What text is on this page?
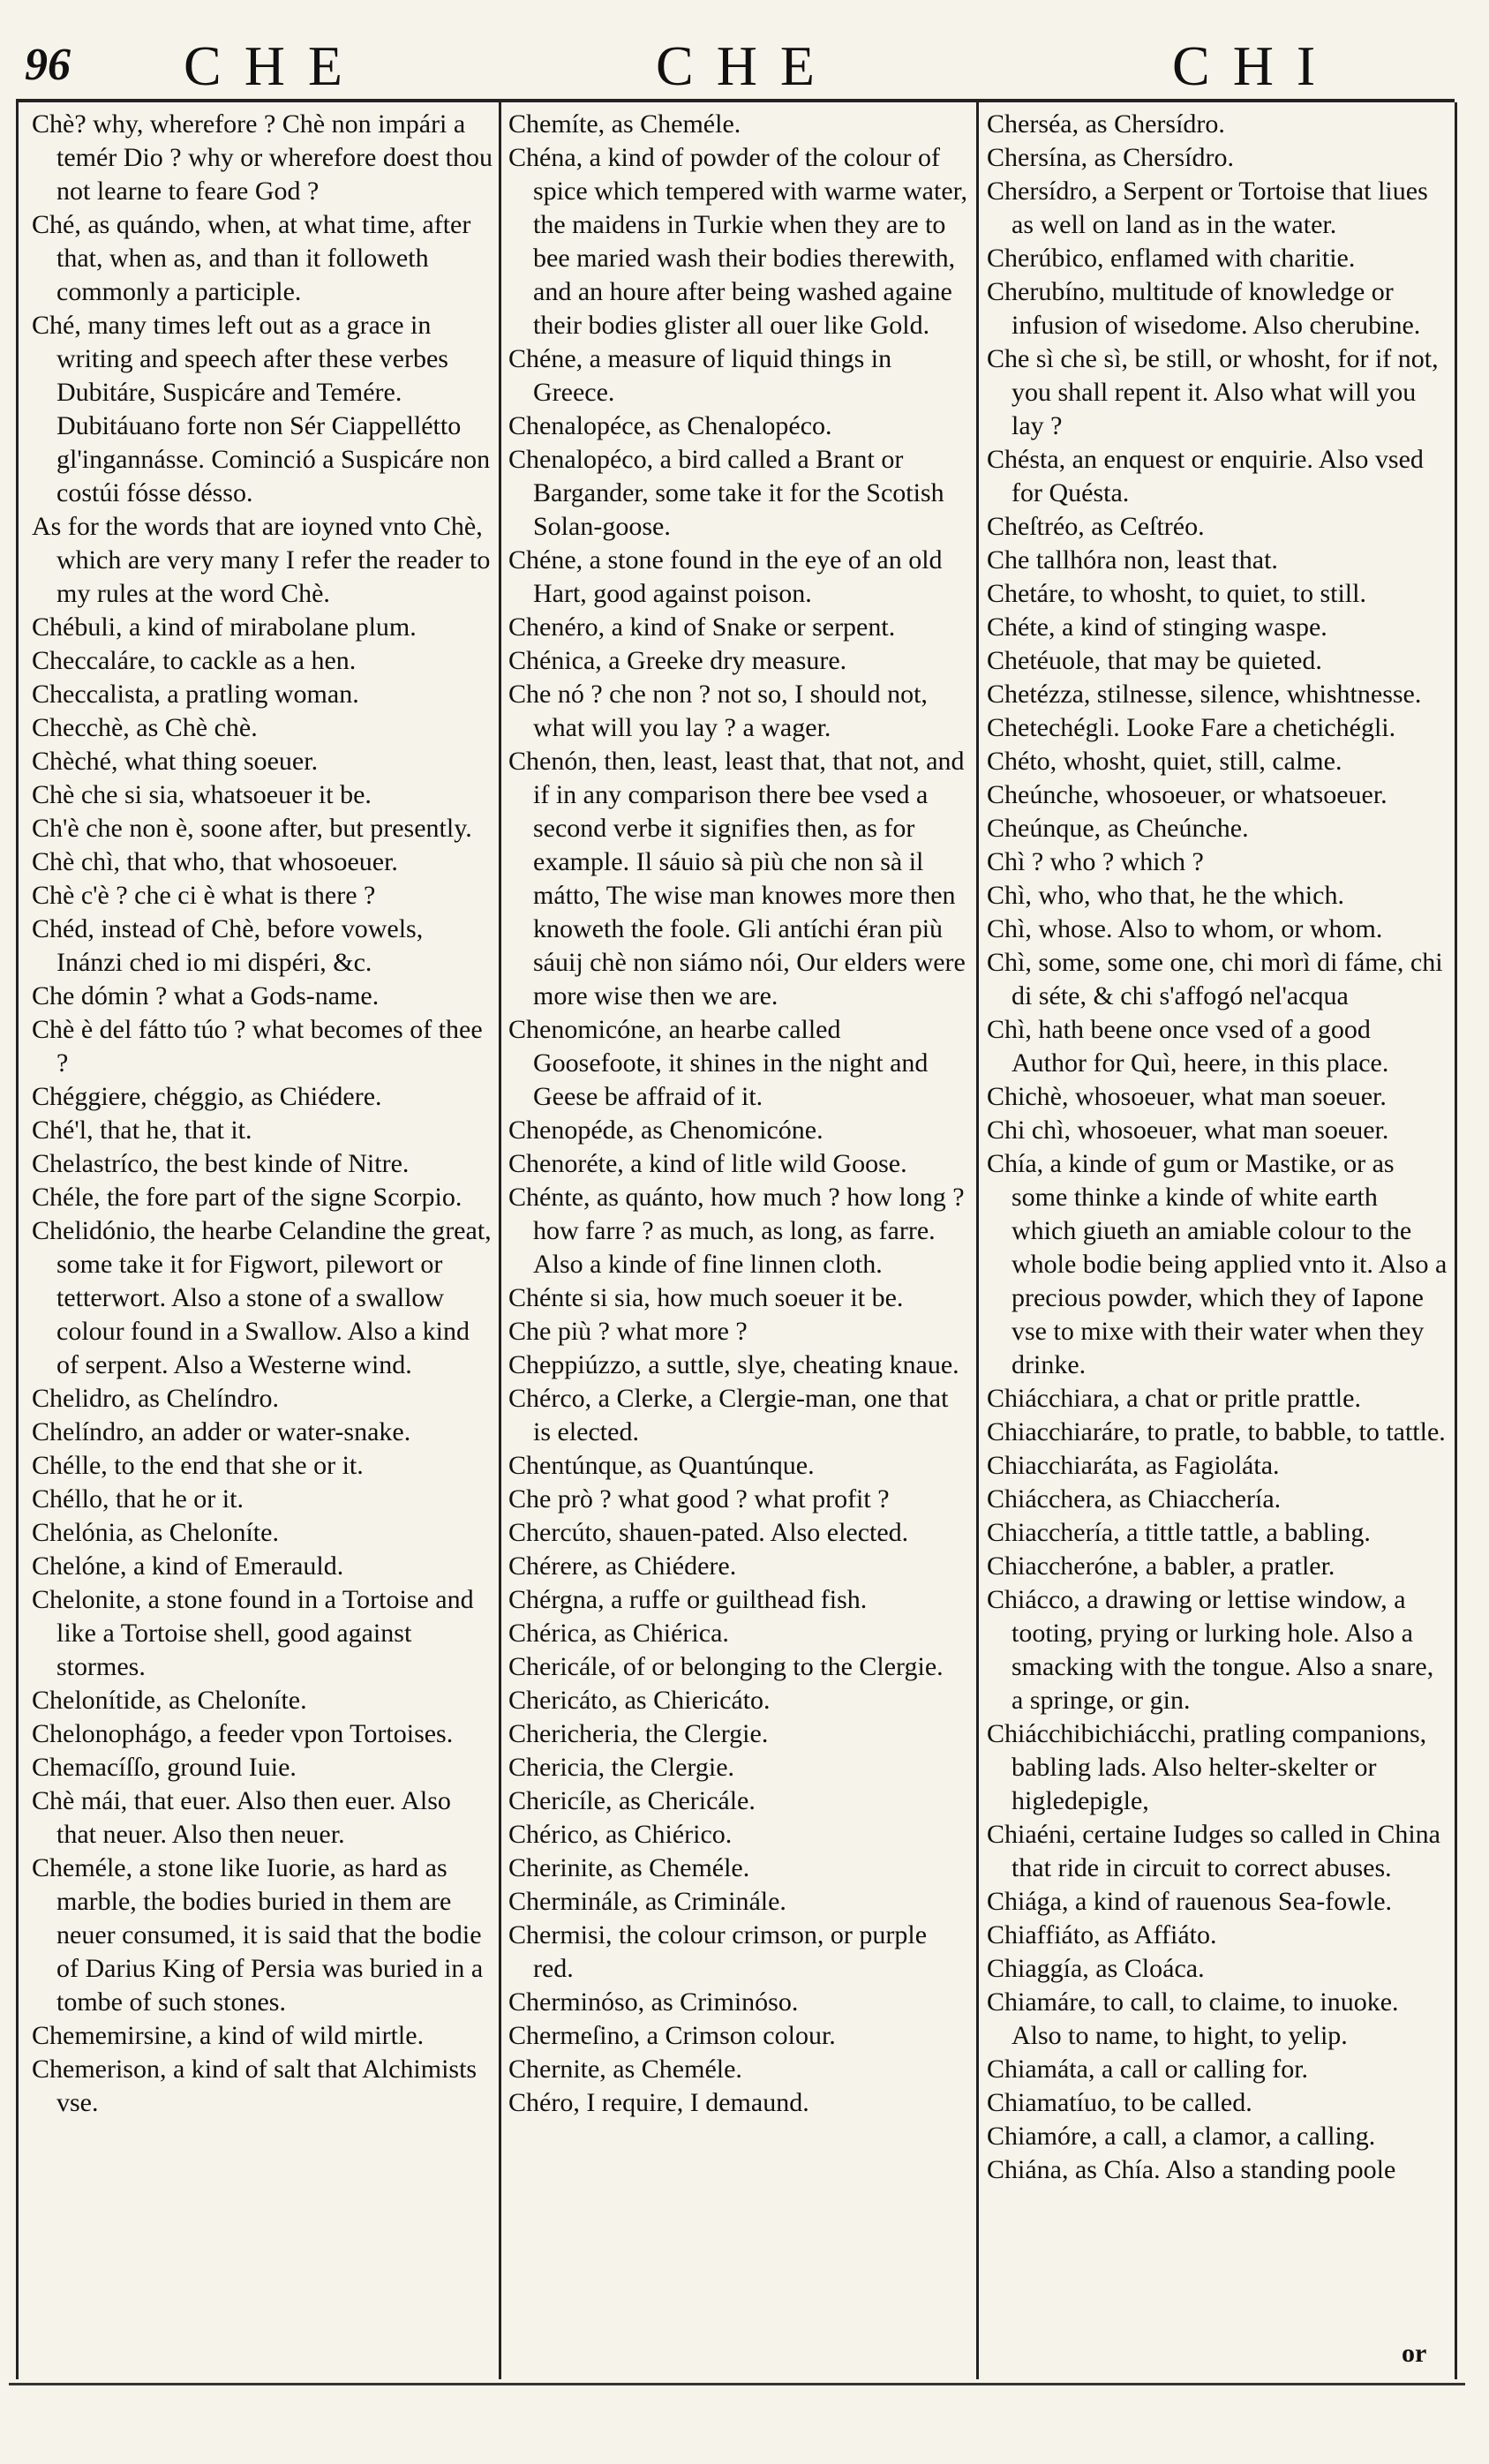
96 CHE	CHE	CHI

Chè? why, wherefore ? Chè non impári a temér Dio ? why or wherefore doest thou not learne to feare God ?

Ché, as quándo, when, at what time, after that, when as, and than it followeth commonly a participle.

Ché, many times left out as a grace in writing and speech after these verbes Dubitáre, Suspicáre and Temére. Dubitáuano forte non Sér Ciappellétto gl'ingannásse. Cominció a Suspicáre non costúi fósse désso.

As for the words that are ioyned vnto Chè, which are very many I refer the reader to my rules at the word Chè.

Chébuli, a kind of mirabolane plum.

Checcaláre, to cackle as a hen.

Checcalista, a pratling woman.

Checchè, as Chè chè.

Chèché, what thing soeuer.

Chè che si sia, whatsoeuer it be.

Ch'è che non è, soone after, but presently.

Chè chì, that who, that whosoeuer.

Chè c'è ? che ci è what is there ?

Chéd, instead of Chè, before vowels, Inánzi ched io mi dispéri, &c.

Che dómin ? what a Gods-name.

Chè è del fátto túo ? what becomes of thee ?

Chéggiere, chéggio, as Chiédere.

Ché'l, that he, that it.

Chelastríco, the best kinde of Nitre.

Chéle, the fore part of the signe Scorpio.

Chelidónio, the hearbe Celandine the great, some take it for Figwort, pilewort or tetterwort. Also a stone of a swallow colour found in a Swallow. Also a kind of serpent. Also a Westerne wind.

Chelidro, as Chelíndro.

Chelíndro, an adder or water-snake.

Chélle, to the end that she or it.

Chéllo, that he or it.

Chelónia, as Cheloníte.

Chelóne, a kind of Emerauld.

Chelonite, a stone found in a Tortoise and like a Tortoise shell, good against stormes.

Chelonítide, as Cheloníte.

Chelonophágo, a feeder vpon Tortoises.

Chemacíſſo, ground Iuie.

Chè mái, that euer. Also then euer. Also that neuer. Also then neuer.

Cheméle, a stone like Iuorie, as hard as marble, the bodies buried in them are neuer consumed, it is said that the bodie of Darius King of Persia was buried in a tombe of such stones.

Chememirsine, a kind of wild mirtle.

Chemerison, a kind of salt that Alchimists vse.

Chemíte, as Cheméle.

Chéna, a kind of powder of the colour of spice which tempered with warme water, the maidens in Turkie when they are to bee maried wash their bodies therewith, and an houre after being washed againe their bodies glister all ouer like Gold.

Chéne, a measure of liquid things in Greece.

Chenalopéce, as Chenalopéco.

Chenalopéco, a bird called a Brant or Bargander, some take it for the Scotish Solan-goose.

Chéne, a stone found in the eye of an old Hart, good against poison.

Chenéro, a kind of Snake or serpent.

Chénica, a Greeke dry measure.

Che nó ? che non ? not so, I should not, what will you lay ? a wager.

Chenón, then, least, least that, that not, and if in any comparison there bee vsed a second verbe it signifies then, as for example. Il sáuio sà più che non sà il mátto, The wise man knowes more then knoweth the foole. Gli antíchi éran più sáuij chè non siámo nói, Our elders were more wise then we are.

Chenomicóne, an hearbe called Goosefoote, it shines in the night and Geese be affraid of it.

Chenopéde, as Chenomicóne.

Chenoréte, a kind of litle wild Goose.

Chénte, as quánto, how much ? how long ? how farre ? as much, as long, as farre. Also a kinde of fine linnen cloth.

Chénte si sia, how much soeuer it be.

Che più ? what more ?

Cheppiúzzo, a suttle, slye, cheating knaue.

Chérco, a Clerke, a Clergie-man, one that is elected.

Chentúnque, as Quantúnque.

Che prò ? what good ? what profit ?

Chercúto, shauen-pated. Also elected.

Chérere, as Chiédere.

Chérgna, a ruffe or guilthead fish.

Chérica, as Chiérica.

Chericále, of or belonging to the Clergie.

Chericáto, as Chiericáto.

Chericheria, the Clergie.

Chericia, the Clergie.

Chericíle, as Chericále.

Chérico, as Chiérico.

Cherinite, as Cheméle.

Cherminále, as Criminále.

Chermisi, the colour crimson, or purple red.

Cherminóso, as Criminóso.

Chermeſino, a Crimson colour.

Chernite, as Cheméle.

Chéro, I require, I demaund.

Cherséa, as Chersídro.

Chersína, as Chersídro.

Chersídro, a Serpent or Tortoise that liues as well on land as in the water.

Cherúbico, enflamed with charitie.

Cherubíno, multitude of knowledge or infusion of wisedome. Also cherubine.

Che sì che sì, be still, or whosht, for if not, you shall repent it. Also what will you lay ?

Chésta, an enquest or enquirie. Also vsed for Quésta.

Cheſtréo, as Ceſtréo.

Che tallhóra non, least that.

Chetáre, to whosht, to quiet, to still.

Chéte, a kind of stinging waspe.

Chetéuole, that may be quieted.

Chetézza, stilnesse, silence, whishtnesse.

Chetechégli. Looke Fare a chetichégli.

Chéto, whosht, quiet, still, calme.

Cheúnche, whosoeuer, or whatsoeuer.

Cheúnque, as Cheúnche.

Chì ? who ? which ?

Chì, who, who that, he the which.

Chì, whose. Also to whom, or whom.

Chì, some, some one, chi morì di fáme, chi di séte, & chi s'affogó nel'acqua

Chì, hath beene once vsed of a good Author for Quì, heere, in this place.

Chichè, whosoeuer, what man soeuer.

Chi chì, whosoeuer, what man soeuer.

Chía, a kinde of gum or Mastike, or as some thinke a kinde of white earth which giueth an amiable colour to the whole bodie being applied vnto it. Also a precious powder, which they of Iapone vse to mixe with their water when they drinke.

Chiácchiara, a chat or pritle prattle.

Chiacchiaráre, to pratle, to babble, to tattle.

Chiacchiaráta, as Fagioláta.

Chiácchera, as Chiacchería.

Chiacchería, a tittle tattle, a babling.

Chiaccheróne, a babler, a pratler.

Chiácco, a drawing or lettise window, a tooting, prying or lurking hole. Also a smacking with the tongue. Also a snare, a springe, or gin.

Chiácchibichiácchi, pratling companions, babling lads. Also helter-skelter or higledepigle,

Chiaéni, certaine Iudges so called in China that ride in circuit to correct abuses.

Chiága, a kind of rauenous Sea-fowle.

Chiaffiáto, as Affiáto.

Chiaggía, as Cloáca.

Chiamáre, to call, to claime, to inuoke. Also to name, to hight, to yelip.

Chiamáta, a call or calling for.

Chiamatíuo, to be called.

Chiamóre, a call, a clamor, a calling.

Chiána, as Chía. Also a standing poole

or
